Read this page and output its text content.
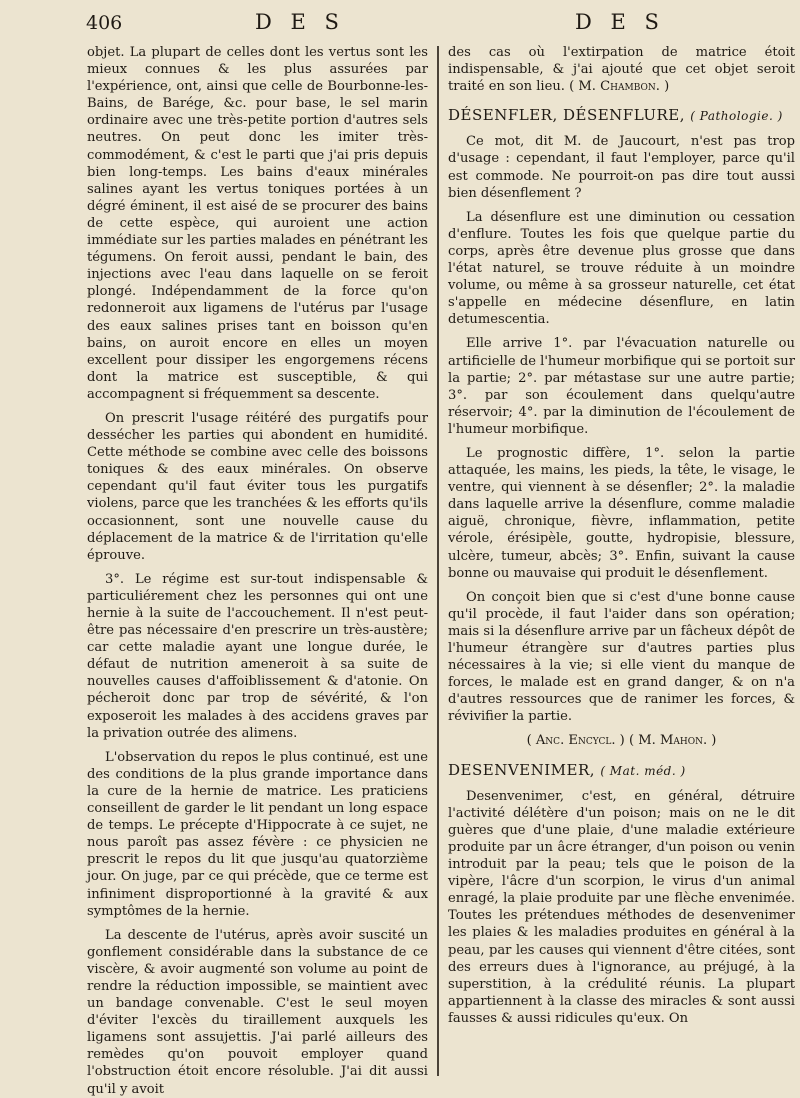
406	D E S	D E S

objet. La plupart de celles dont les vertus sont les mieux connues & les plus assurées par l'expérience, ont, ainsi que celle de Bourbonne-les-Bains, de Barége, &c. pour base, le sel marin ordinaire avec une très-petite portion d'autres sels neutres. On peut donc les imiter très-commodément, & c'est le parti que j'ai pris depuis bien long-temps. Les bains d'eaux minérales salines ayant les vertus toniques portées à un dégré éminent, il est aisé de se procurer des bains de cette espèce, qui auroient une action immédiate sur les parties malades en pénétrant les tégumens. On feroit aussi, pendant le bain, des injections avec l'eau dans laquelle on se feroit plongé. Indépendamment de la force qu'on redonneroit aux ligamens de l'utérus par l'usage des eaux salines prises tant en boisson qu'en bains, on auroit encore en elles un moyen excellent pour dissiper les engorgemens récens dont la matrice est susceptible, & qui accompagnent si fréquemment sa descente.

On prescrit l'usage réitéré des purgatifs pour dessécher les parties qui abondent en humidité. Cette méthode se combine avec celle des boissons toniques & des eaux minérales. On observe cependant qu'il faut éviter tous les purgatifs violens, parce que les tranchées & les efforts qu'ils occasionnent, sont une nouvelle cause du déplacement de la matrice & de l'irritation qu'elle éprouve.

3°. Le régime est sur-tout indispensable & particuliérement chez les personnes qui ont une hernie à la suite de l'accouchement. Il n'est peut-être pas nécessaire d'en prescrire un très-austère; car cette maladie ayant une longue durée, le défaut de nutrition ameneroit à sa suite de nouvelles causes d'affoiblissement & d'atonie. On pécheroit donc par trop de sévérité, & l'on exposeroit les malades à des accidens graves par la privation outrée des alimens.

L'observation du repos le plus continué, est une des conditions de la plus grande importance dans la cure de la hernie de matrice. Les praticiens conseillent de garder le lit pendant un long espace de temps. Le précepte d'Hippocrate à ce sujet, ne nous paroît pas assez févère : ce physicien ne prescrit le repos du lit que jusqu'au quatorzième jour. On juge, par ce qui précède, que ce terme est infiniment disproportionné à la gravité & aux symptômes de la hernie.

La descente de l'utérus, après avoir suscité un gonflement considérable dans la substance de ce viscère, & avoir augmenté son volume au point de rendre la réduction impossible, se maintient avec un bandage convenable. C'est le seul moyen d'éviter l'excès du tiraillement auxquels les ligamens sont assujettis. J'ai parlé ailleurs des remèdes qu'on pouvoit employer quand l'obstruction étoit encore résoluble. J'ai dit aussi qu'il y avoit

des cas où l'extirpation de matrice étoit indispensable, & j'ai ajouté que cet objet seroit traité en son lieu. ( M. Chambon. )

DÉSENFLER, DÉSENFLURE, ( Pathologie. )

Ce mot, dit M. de Jaucourt, n'est pas trop d'usage : cependant, il faut l'employer, parce qu'il est commode. Ne pourroit-on pas dire tout aussi bien désenflement ?

La désenflure est une diminution ou cessation d'enflure. Toutes les fois que quelque partie du corps, après être devenue plus grosse que dans l'état naturel, se trouve réduite à un moindre volume, ou même à sa grosseur naturelle, cet état s'appelle en médecine désenflure, en latin detumescentia.

Elle arrive 1°. par l'évacuation naturelle ou artificielle de l'humeur morbifique qui se portoit sur la partie; 2°. par métastase sur une autre partie; 3°. par son écoulement dans quelqu'autre réservoir; 4°. par la diminution de l'écoulement de l'humeur morbifique.

Le prognostic diffère, 1°. selon la partie attaquée, les mains, les pieds, la tête, le visage, le ventre, qui viennent à se désenfler; 2°. la maladie dans laquelle arrive la désenflure, comme maladie aiguë, chronique, fièvre, inflammation, petite vérole, érésipèle, goutte, hydropisie, blessure, ulcère, tumeur, abcès; 3°. Enfin, suivant la cause bonne ou mauvaise qui produit le désenflement.

On conçoit bien que si c'est d'une bonne cause qu'il procède, il faut l'aider dans son opération; mais si la désenflure arrive par un fâcheux dépôt de l'humeur étrangère sur d'autres parties plus nécessaires à la vie; si elle vient du manque de forces, le malade est en grand danger, & on n'a d'autres ressources que de ranimer les forces, & révivifier la partie.

( Anc. Encycl. ) ( M. Mahon. )
DESENVENIMER, ( Mat. méd. )

Desenvenimer, c'est, en général, détruire l'activité délétère d'un poison; mais on ne le dit guères que d'une plaie, d'une maladie extérieure produite par un âcre étranger, d'un poison ou venin introduit par la peau; tels que le poison de la vipère, l'âcre d'un scorpion, le virus d'un animal enragé, la plaie produite par une flèche envenimée. Toutes les prétendues méthodes de desenvenimer les plaies & les maladies produites en général à la peau, par les causes qui viennent d'être citées, sont des erreurs dues à l'ignorance, au préjugé, à la superstition, à la crédulité réunis. La plupart appartiennent à la classe des miracles & sont aussi fausses & aussi ridicules qu'eux. On
